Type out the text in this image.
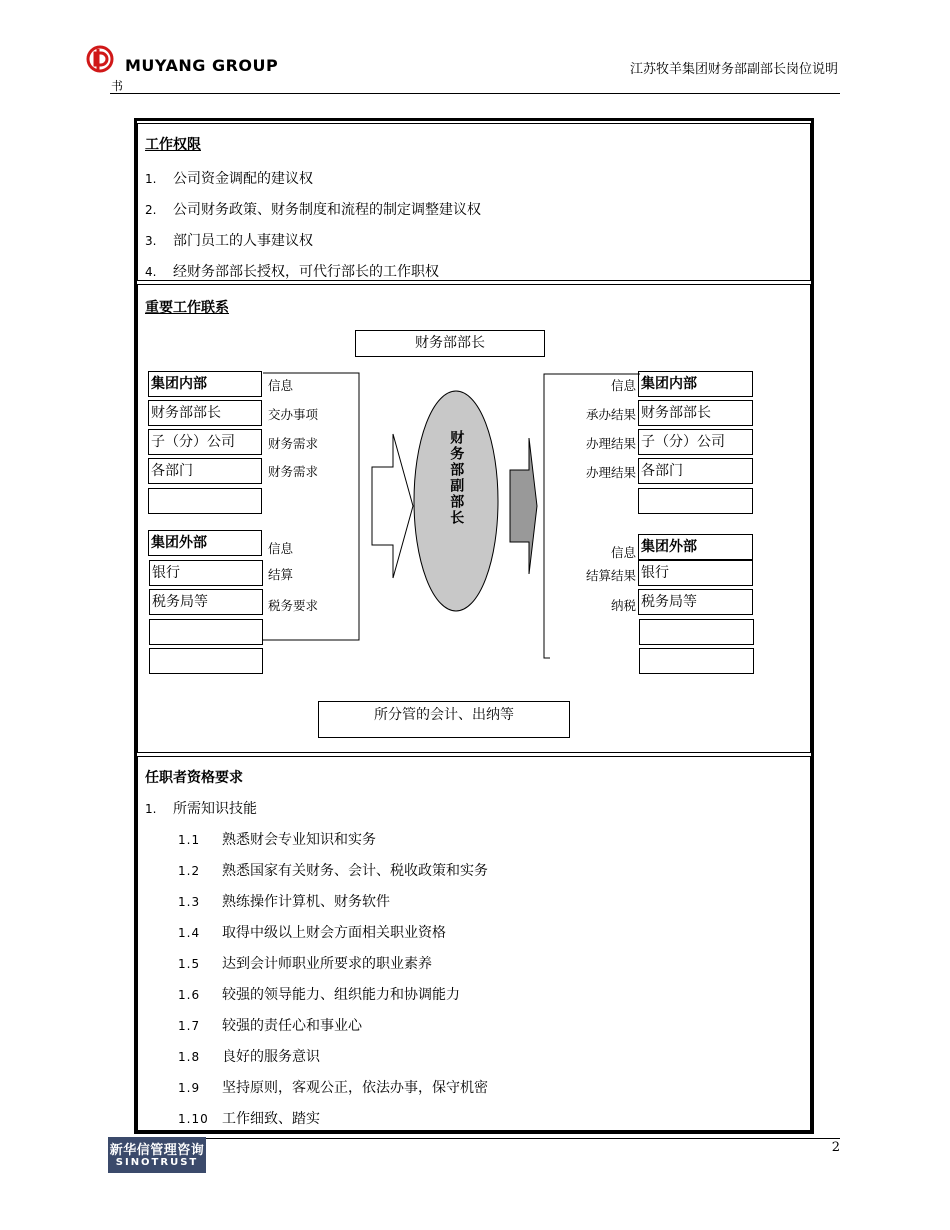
MUYANG GROUP	江苏牧羊集团财务部副部长岗位说明
书
工作权限
1. 公司资金调配的建议权
2. 公司财务政策、财务制度和流程的制定调整建议权
3. 部门员工的人事建议权
4. 经财务部部长授权，可代行部长的工作职权
重要工作联系
财务部部长
所分管的会计、出纳等
财务部副部长
集团内部
财务部部长
子（分）公司
各部门
信息
交办事项
财务需求
财务需求
集团外部
银行
税务局等
信息
结算
税务要求
集团内部
财务部部长
子（分）公司
各部门
信息
承办结果
办理结果
办理结果
集团外部
银行
税务局等
信息
结算结果
纳税
任职者资格要求
1. 所需知识技能
1.1 熟悉财会专业知识和实务
1.2 熟悉国家有关财务、会计、税收政策和实务
1.3 熟练操作计算机、财务软件
1.4 取得中级以上财会方面相关职业资格
1.5 达到会计师职业所要求的职业素养
1.6 较强的领导能力、组织能力和协调能力
1.7 较强的责任心和事业心
1.8 良好的服务意识
1.9 坚持原则，客观公正，依法办事，保守机密
1.10 工作细致、踏实
新华信管理咨询
SINOTRUST
2
